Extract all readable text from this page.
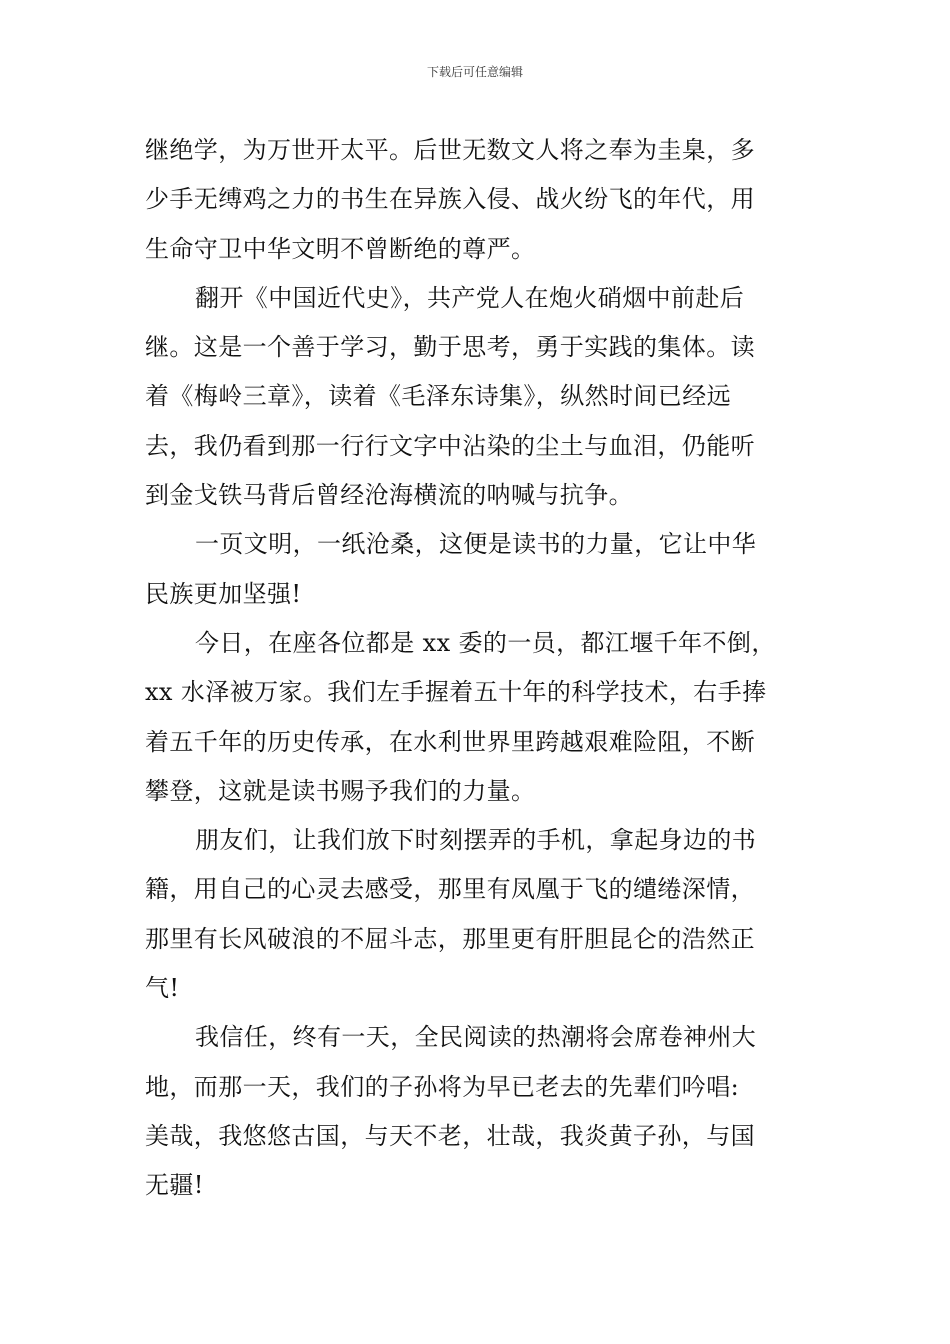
下载后可任意编辑

继绝学，为万世开太平。后世无数文人将之奉为圭臬，多
少手无缚鸡之力的书生在异族入侵、战火纷飞的年代，用
生命守卫中华文明不曾断绝的尊严。

翻开《中国近代史》，共产党人在炮火硝烟中前赴后
继。这是一个善于学习，勤于思考，勇于实践的集体。读
着《梅岭三章》，读着《毛泽东诗集》，纵然时间已经远
去，我仍看到那一行行文字中沾染的尘土与血泪，仍能听
到金戈铁马背后曾经沧海横流的呐喊与抗争。

一页文明，一纸沧桑，这便是读书的力量，它让中华
民族更加坚强!

今日，在座各位都是 xx 委的一员，都江堰千年不倒，
xx 水泽被万家。我们左手握着五十年的科学技术，右手捧
着五千年的历史传承，在水利世界里跨越艰难险阻，不断
攀登，这就是读书赐予我们的力量。

朋友们，让我们放下时刻摆弄的手机，拿起身边的书
籍，用自己的心灵去感受，那里有凤凰于飞的缱绻深情，
那里有长风破浪的不屈斗志，那里更有肝胆昆仑的浩然正
气!

我信任，终有一天，全民阅读的热潮将会席卷神州大
地，而那一天，我们的子孙将为早已老去的先辈们吟唱:
美哉，我悠悠古国，与天不老，壮哉，我炎黄子孙，与国
无疆!
